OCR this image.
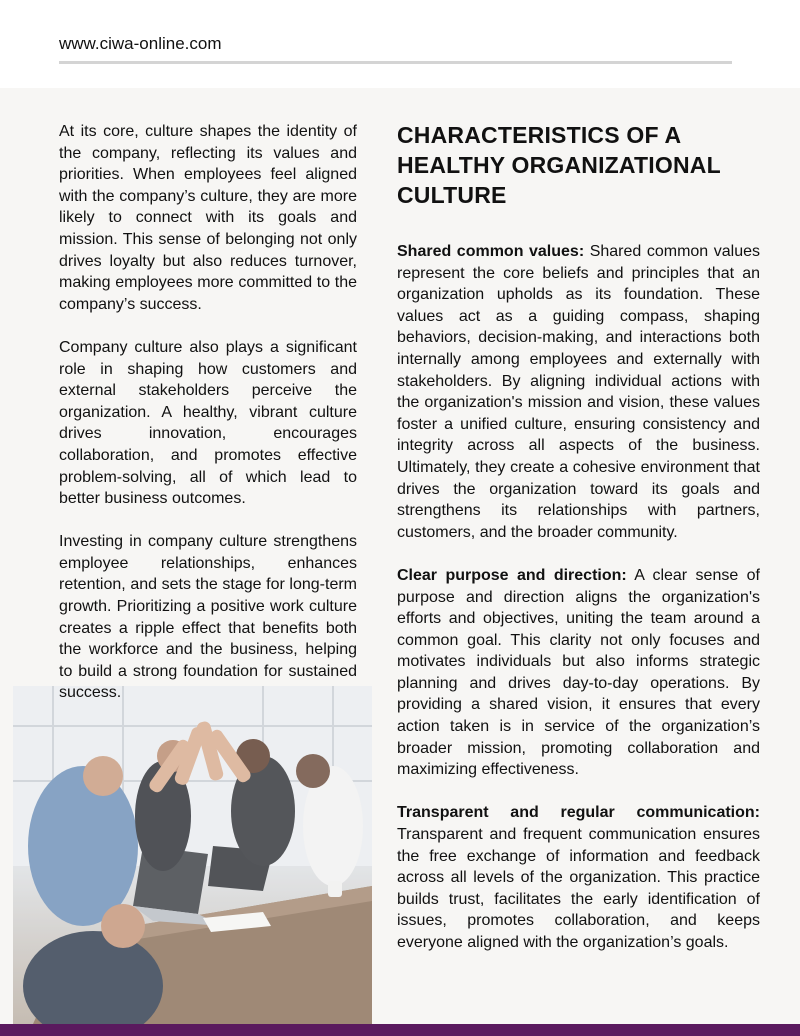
www.ciwa-online.com

At its core, culture shapes the identity of the company, reflecting its values and priorities. When employees feel aligned with the company’s culture, they are more likely to connect with its goals and mission. This sense of belonging not only drives loyalty but also reduces turnover, making employees more committed to the company’s success.

Company culture also plays a significant role in shaping how customers and external stakeholders perceive the organization. A healthy, vibrant culture drives innovation, encourages collaboration, and promotes effective problem-solving, all of which lead to better business outcomes.

Investing in company culture strengthens employee relationships, enhances retention, and sets the stage for long-term growth. Prioritizing a positive work culture creates a ripple effect that benefits both the workforce and the business, helping to build a strong foundation for sustained success.

CHARACTERISTICS OF A HEALTHY ORGANIZATIONAL CULTURE

Shared common values: Shared common values represent the core beliefs and principles that an organization upholds as its foundation. These values act as a guiding compass, shaping behaviors, decision-making, and interactions both internally among employees and externally with stakeholders. By aligning individual actions with the organization's mission and vision, these values foster a unified culture, ensuring consistency and integrity across all aspects of the business. Ultimately, they create a cohesive environment that drives the organization toward its goals and strengthens its relationships with partners, customers, and the broader community.

Clear purpose and direction: A clear sense of purpose and direction aligns the organization's efforts and objectives, uniting the team around a common goal. This clarity not only focuses and motivates individuals but also informs strategic planning and drives day-to-day operations. By providing a shared vision, it ensures that every action taken is in service of the organization’s broader mission, promoting collaboration and maximizing effectiveness.

Transparent and regular communication: Transparent and frequent communication ensures the free exchange of information and feedback across all levels of the organization. This practice builds trust, facilitates the early identification of issues, promotes collaboration, and keeps everyone aligned with the organization’s goals.
